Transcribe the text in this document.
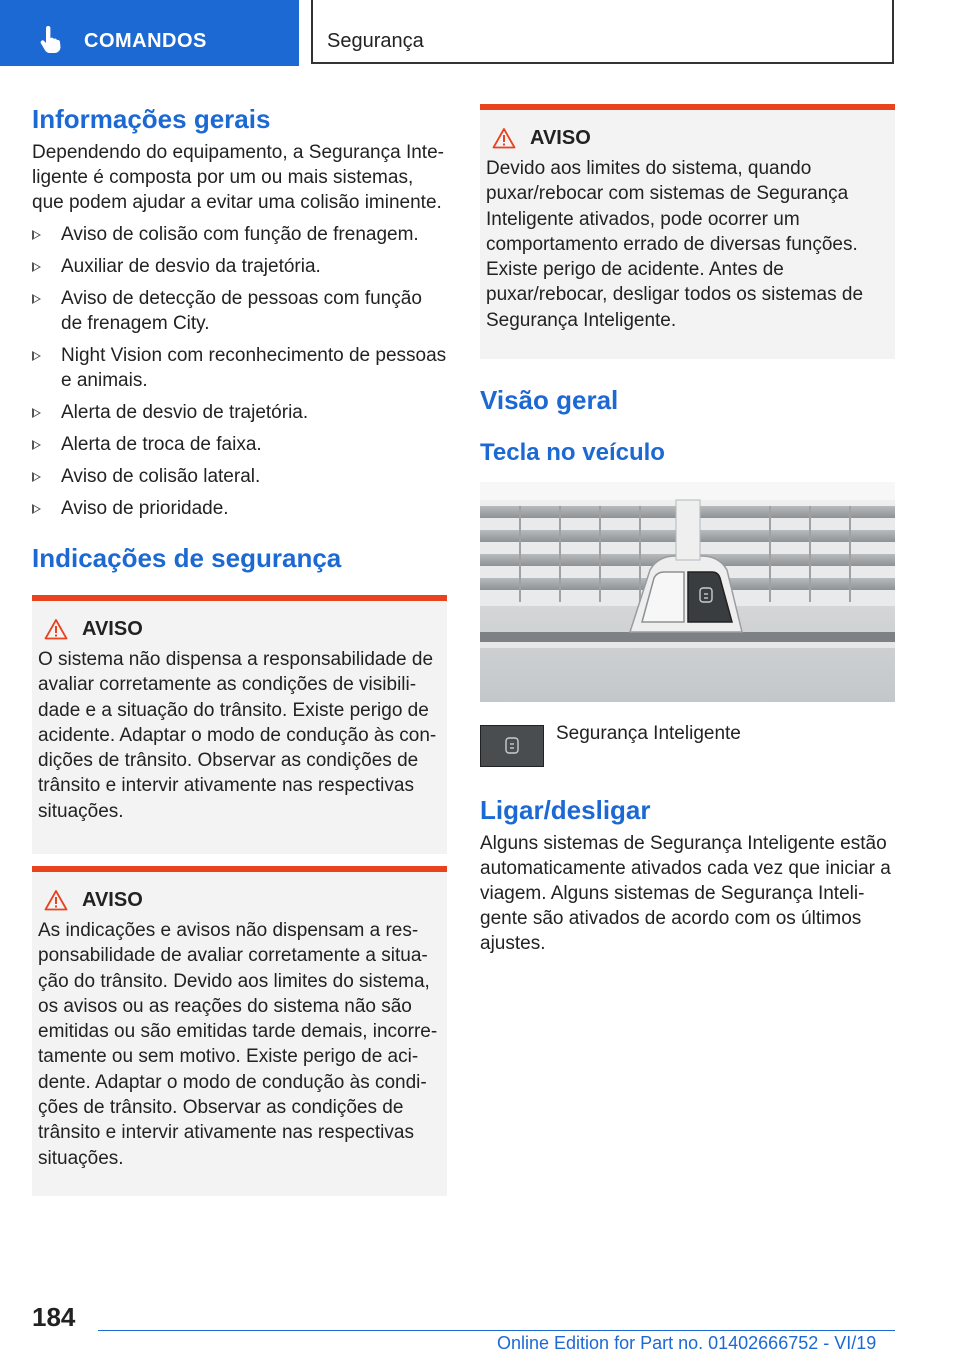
COMANDOS	Segurança
Informações gerais

Dependendo do equipamento, a Segurança Inteligente é composta por um ou mais sistemas, que podem ajudar a evitar uma colisão iminente.

Aviso de colisão com função de frenagem.
Auxiliar de desvio da trajetória.
Aviso de detecção de pessoas com função de frenagem City.
Night Vision com reconhecimento de pessoas e animais.
Alerta de desvio de trajetória.
Alerta de troca de faixa.
Aviso de colisão lateral.
Aviso de prioridade.
Indicações de segurança
AVISO

O sistema não dispensa a responsabilidade de avaliar corretamente as condições de visibilidade e a situação do trânsito. Existe perigo de acidente. Adaptar o modo de condução às condições de trânsito. Observar as condições de trânsito e intervir ativamente nas respectivas situações.

AVISO

As indicações e avisos não dispensam a responsabilidade de avaliar corretamente a situação do trânsito. Devido aos limites do sistema, os avisos ou as reações do sistema não são emitidas ou são emitidas tarde demais, incorretamente ou sem motivo. Existe perigo de acidente. Adaptar o modo de condução às condições de trânsito. Observar as condições de trânsito e intervir ativamente nas respectivas situações.

AVISO

Devido aos limites do sistema, quando puxar/rebocar com sistemas de Segurança Inteligente ativados, pode ocorrer um comportamento errado de diversas funções. Existe perigo de acidente. Antes de puxar/rebocar, desligar todos os sistemas de Segurança Inteligente.

Visão geral
Tecla no veículo

Segurança Inteligente

Ligar/desligar

Alguns sistemas de Segurança Inteligente estão automaticamente ativados cada vez que iniciar a viagem. Alguns sistemas de Segurança Inteligente são ativados de acordo com os últimos ajustes.

184
Online Edition for Part no. 01402666752 - VI/19
